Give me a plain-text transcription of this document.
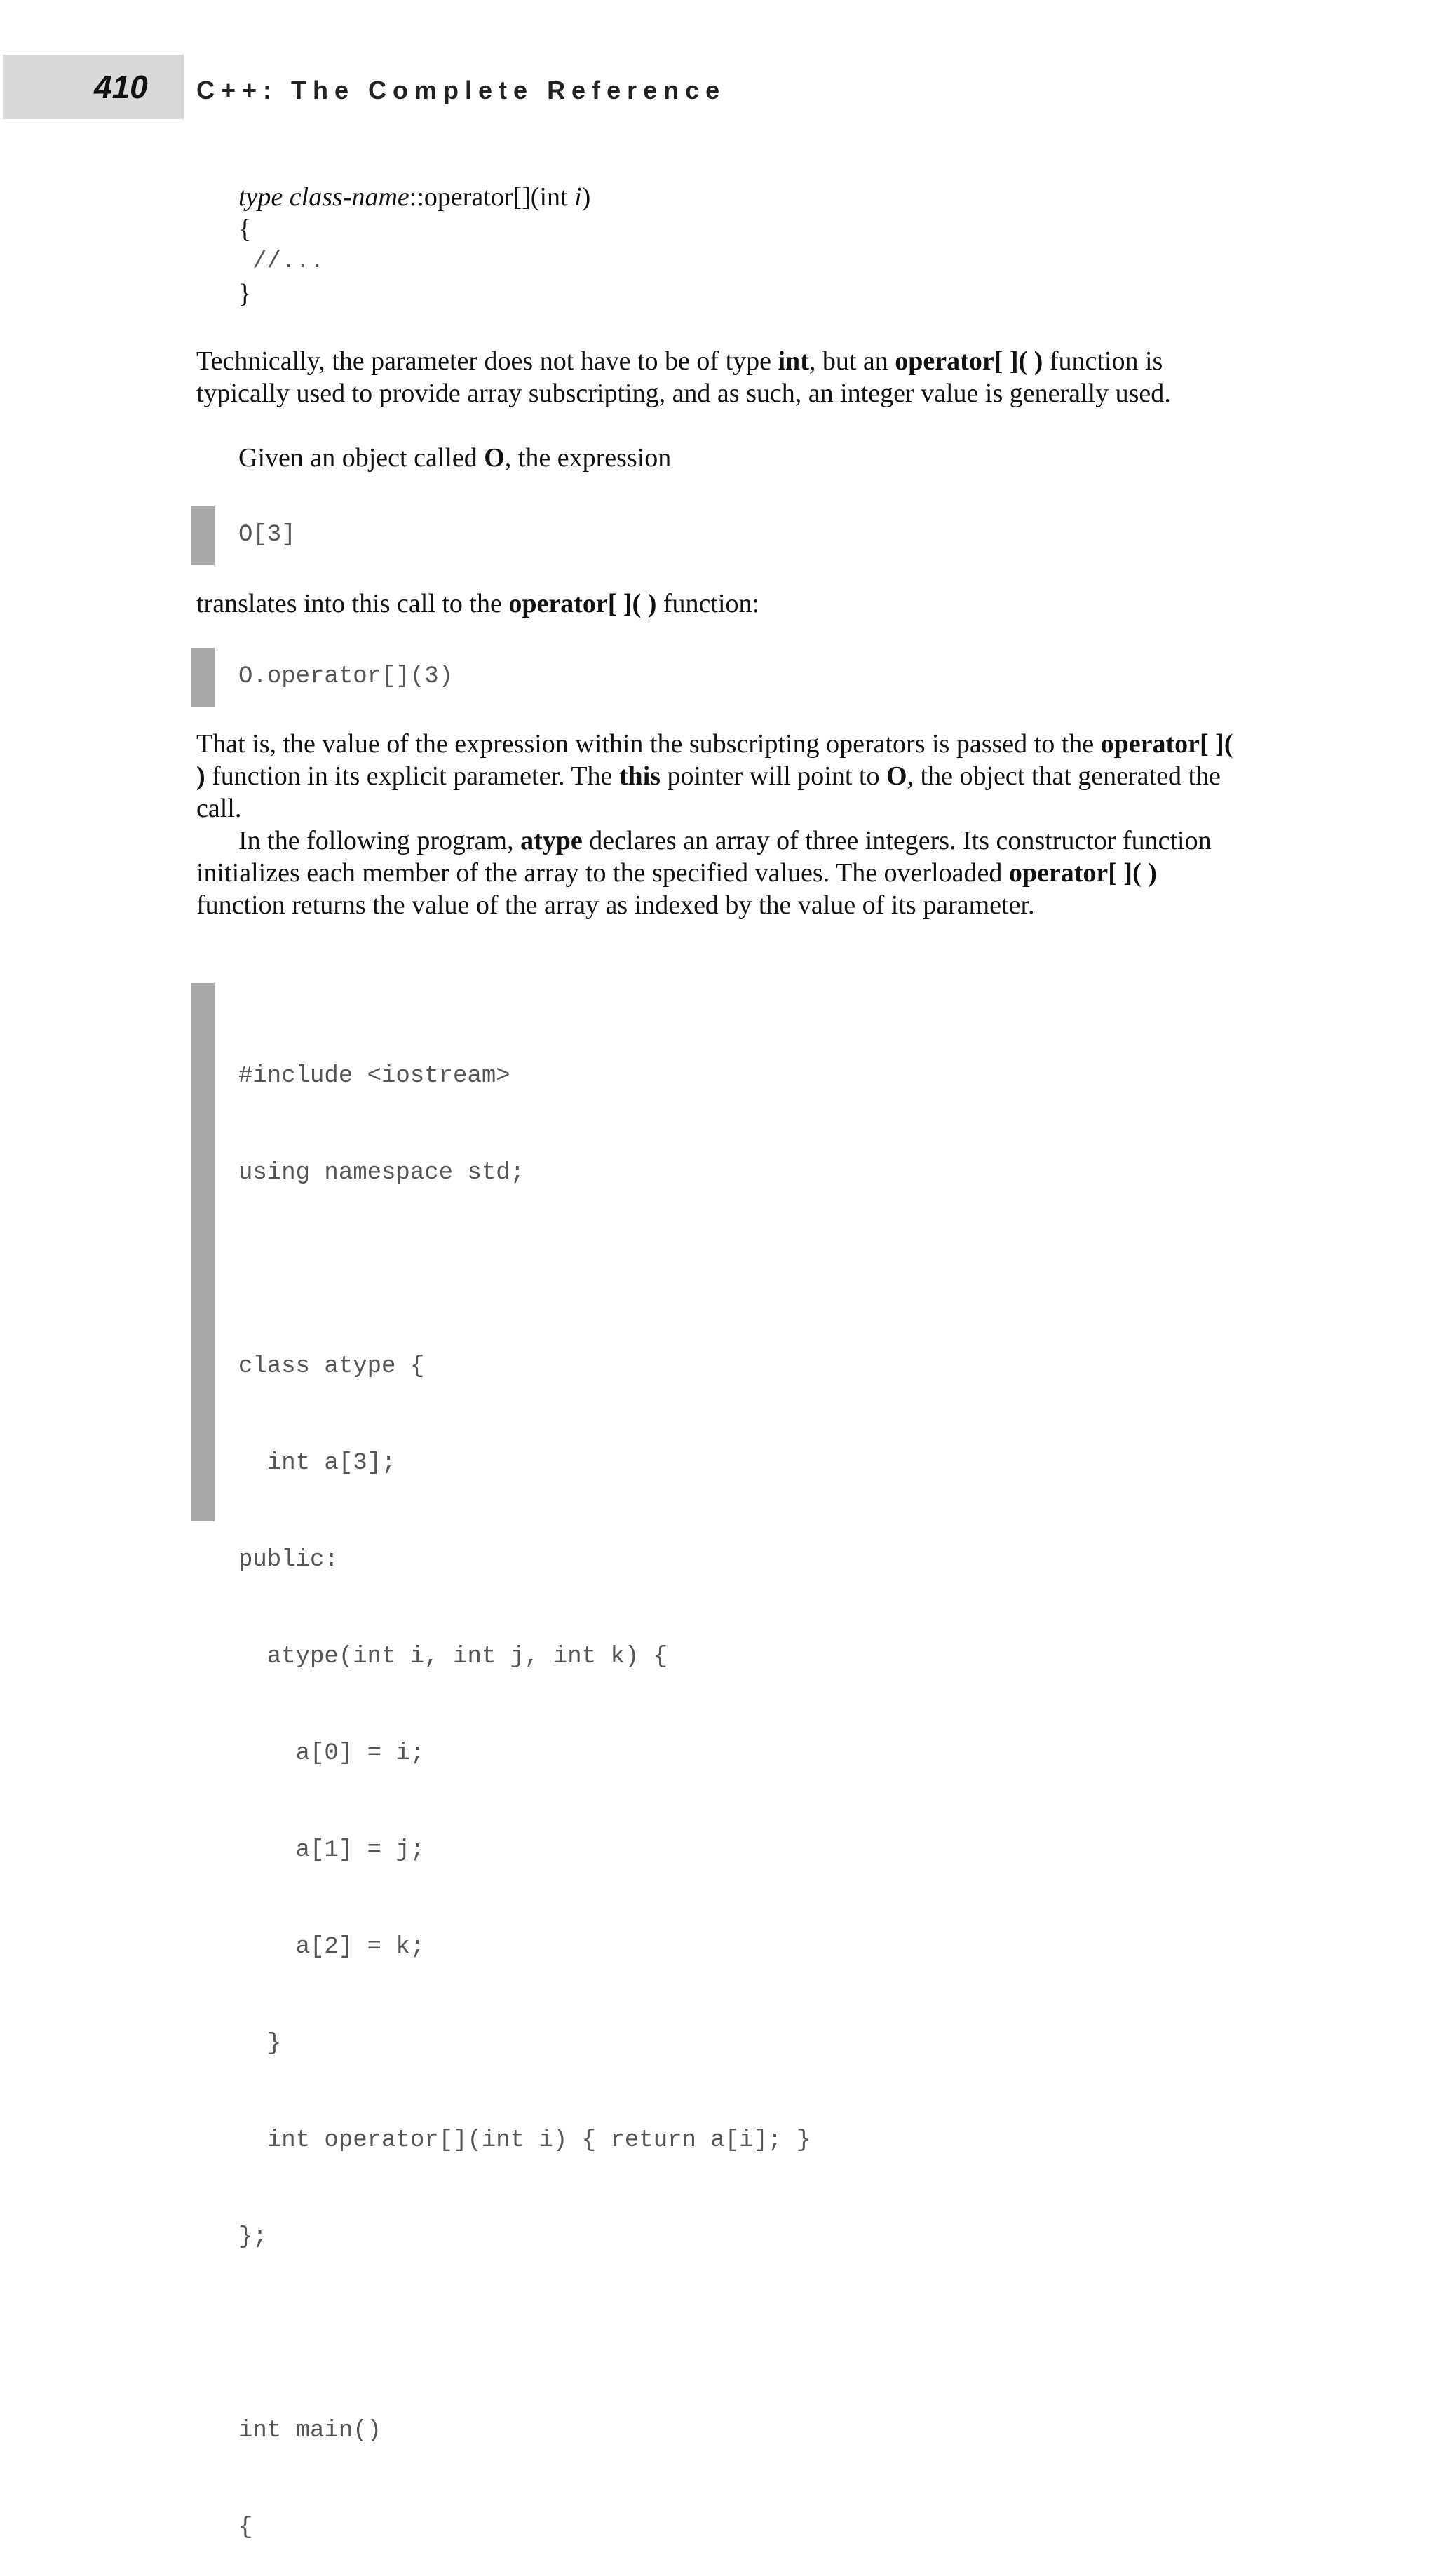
410	C++: The Complete Reference
type class-name::operator[](int i)
{
//...
}

Technically, the parameter does not have to be of type int, but an operator[ ]( ) function is typically used to provide array subscripting, and as such, an integer value is generally used.

Given an object called O, the expression

O[3]

translates into this call to the operator[ ]( ) function:

O.operator[](3)

That is, the value of the expression within the subscripting operators is passed to the operator[ ]( ) function in its explicit parameter. The this pointer will point to O, the object that generated the call.

In the following program, atype declares an array of three integers. Its constructor function initializes each member of the array to the specified values. The overloaded operator[ ]( ) function returns the value of the array as indexed by the value of its parameter.

#include <iostream>

using namespace std;

class atype {

int a[3];

public:

atype(int i, int j, int k) {

a[0] = i;

a[1] = j;

a[2] = k;

}

int operator[](int i) { return a[i]; }

};

int main()

{
